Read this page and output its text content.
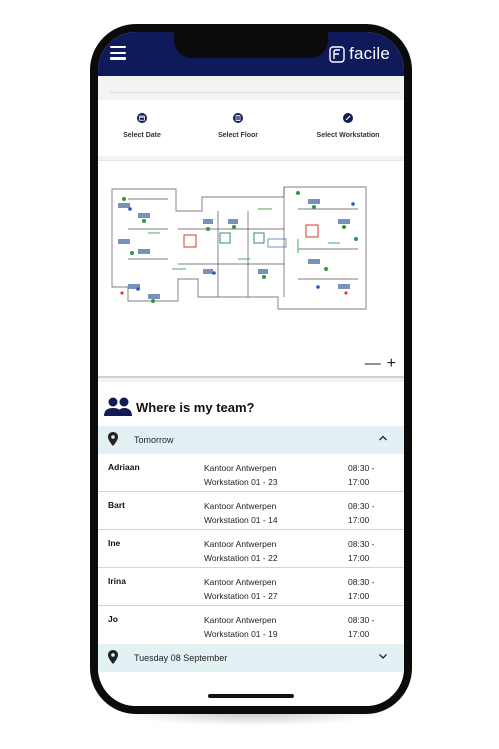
facile
Select Date	Select Floor	Select Workstation
— +
Where is my team?
Tomorrow
Adriaan	Kantoor Antwerpen
Workstation 01 - 23
08:30 -
17:00
Bart	Kantoor Antwerpen
Workstation 01 - 14
08:30 -
17:00
Ine	Kantoor Antwerpen
Workstation 01 - 22
08:30 -
17:00
Irina	Kantoor Antwerpen
Workstation 01 - 27
08:30 -
17:00
Jo	Kantoor Antwerpen
Workstation 01 - 19
08:30 -
17:00
Tuesday 08 September
